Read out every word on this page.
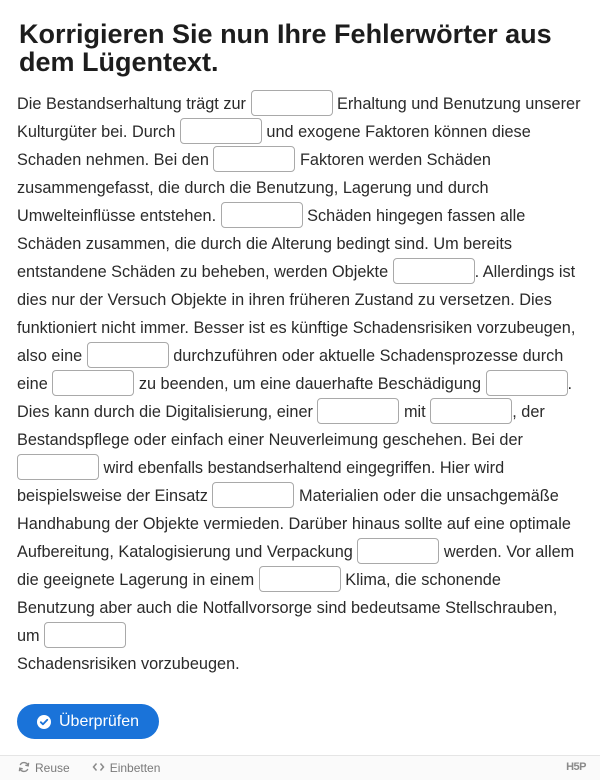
Korrigieren Sie nun Ihre Fehlerwörter aus dem Lügentext.
Die Bestandserhaltung trägt zur	Erhaltung und Benutzung unserer Kulturgüter bei. Durch	und exogene Faktoren können diese Schaden nehmen. Bei den	Faktoren werden Schäden zusammengefasst, die durch die Benutzung, Lagerung und durch Umwelteinflüsse entstehen.	Schäden hingegen fassen alle Schäden zusammen, die durch die Alterung bedingt sind. Um bereits entstandene Schäden zu beheben, werden Objekte	. Allerdings ist dies nur der Versuch Objekte in ihren früheren Zustand zu versetzen. Dies funktioniert nicht immer. Besser ist es künftige Schadensrisiken vorzubeugen, also eine	durchzuführen oder aktuelle Schadensprozesse durch eine	zu beenden, um eine dauerhafte Beschädigung	. Dies kann durch die Digitalisierung, einer	mit	, der Bestandspflege oder einfach einer Neuverleimung geschehen. Bei der  wird ebenfalls bestandserhaltend eingegriffen. Hier wird beispielsweise der Einsatz	Materialien oder die unsachgemäße Handhabung der Objekte vermieden. Darüber hinaus sollte auf eine optimale Aufbereitung, Katalogisierung und Verpackung	werden. Vor allem die geeignete Lagerung in einem	Klima, die schonende Benutzung aber auch die Notfallvorsorge sind bedeutsame Stellschrauben, um
Schadensrisiken vorzubeugen.
Überprüfen
Reuse	Einbetten	H5P
